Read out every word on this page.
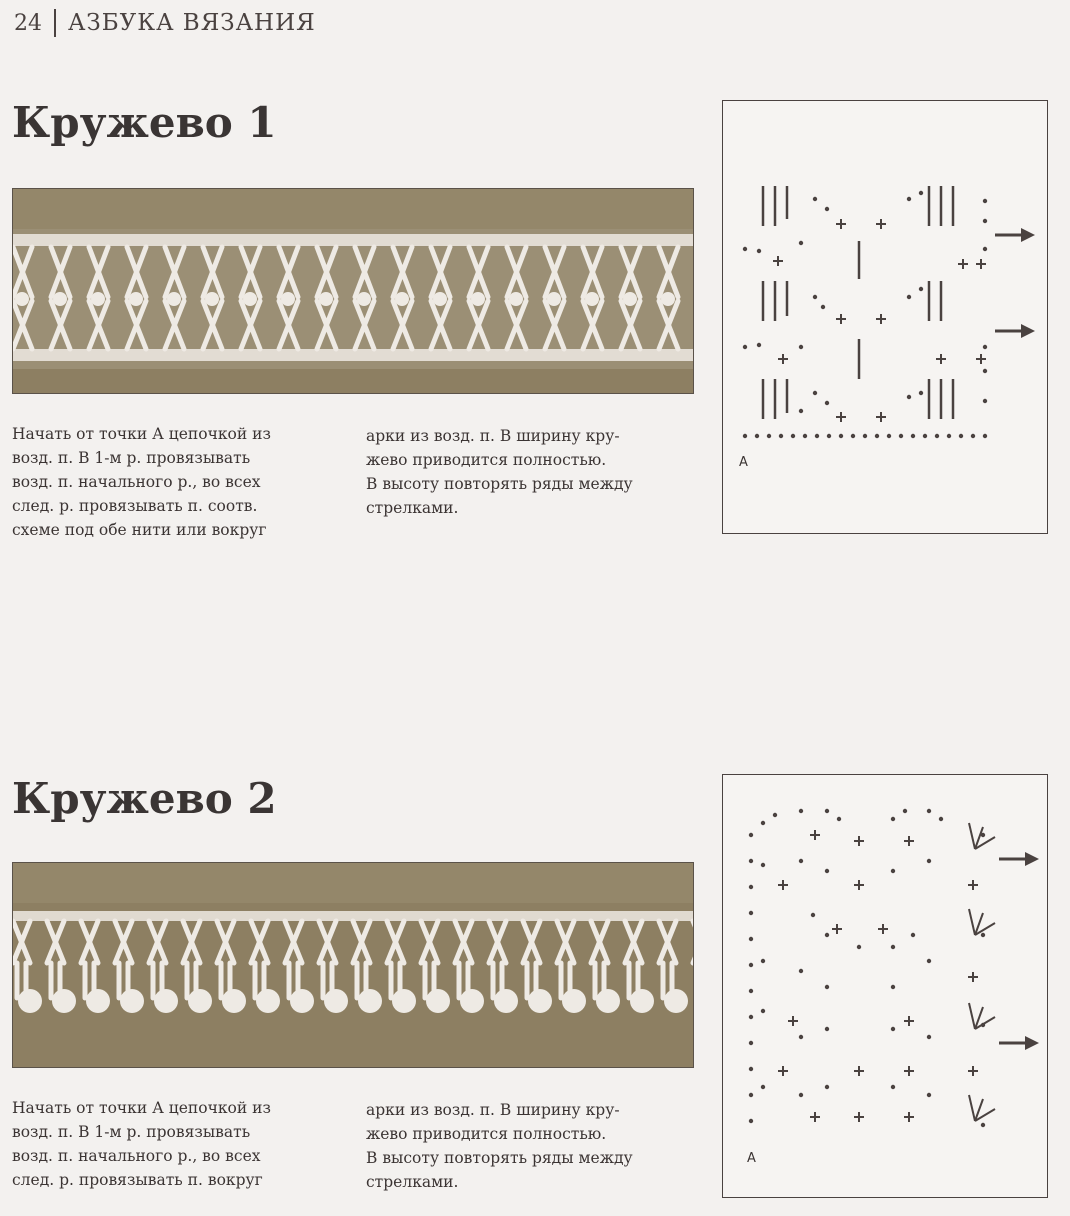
24 АЗБУКА ВЯЗАНИЯ
Кружево 1
Начать от точки А цепочкой из
возд. п. В 1-м р. провязывать
возд. п. начального р., во всех
след. р. провязывать п. соотв.
схеме под обе нити или вокруг
арки из возд. п. В ширину кру-
жево приводится полностью.
В высоту повторять ряды между
стрелками.
А
Кружево 2
Начать от точки А цепочкой из
возд. п. В 1-м р. провязывать
возд. п. начального р., во всех
след. р. провязывать п. вокруг
арки из возд. п. В ширину кру-
жево приводится полностью.
В высоту повторять ряды между
стрелками.
А
